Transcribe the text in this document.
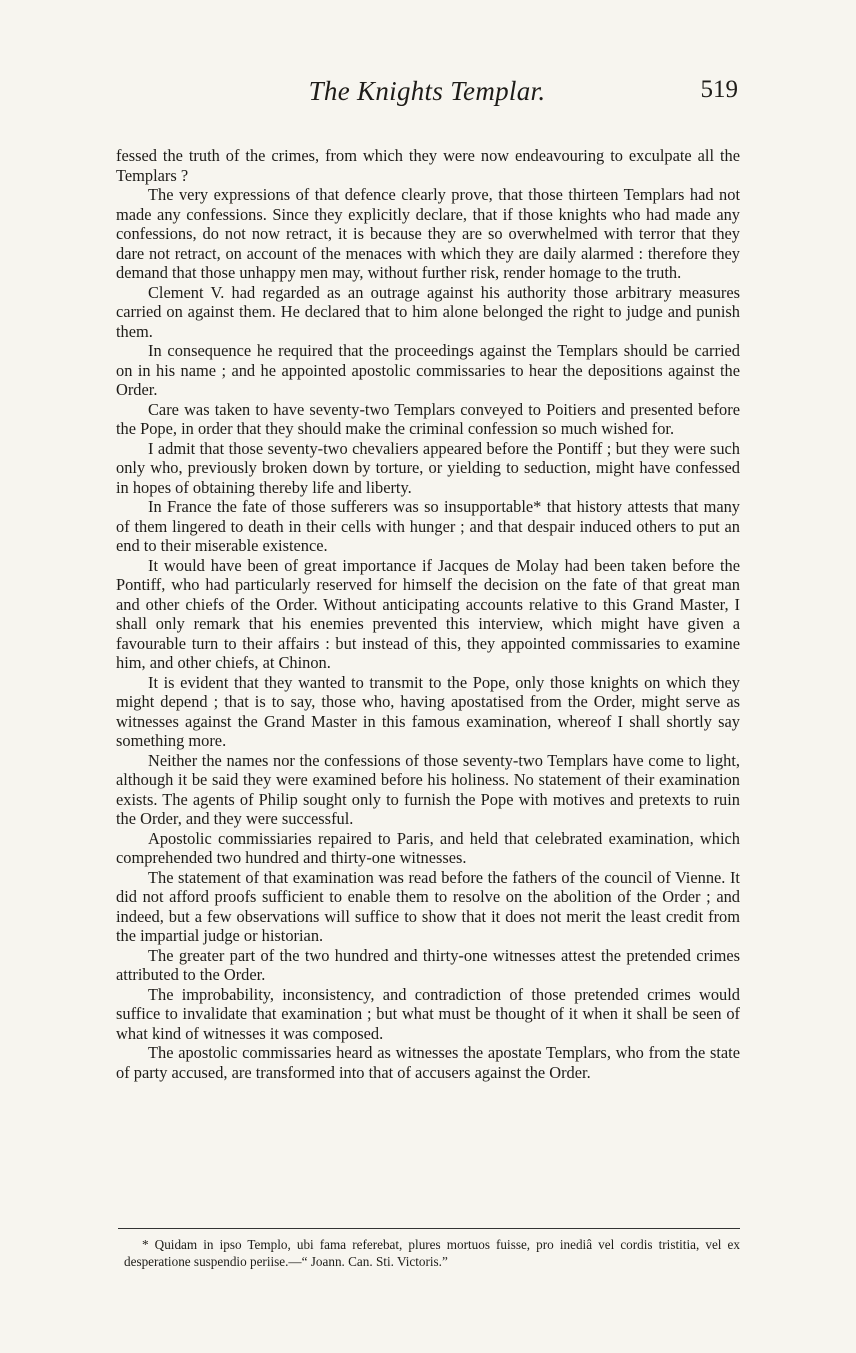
The Knights Templar.	519

fessed the truth of the crimes, from which they were now endeavouring to exculpate all the Templars ?

The very expressions of that defence clearly prove, that those thirteen Templars had not made any confessions. Since they explicitly declare, that if those knights who had made any confessions, do not now retract, it is because they are so overwhelmed with terror that they dare not retract, on account of the menaces with which they are daily alarmed : therefore they demand that those unhappy men may, without further risk, render homage to the truth.

Clement V. had regarded as an outrage against his authority those arbitrary measures carried on against them. He declared that to him alone belonged the right to judge and punish them.

In consequence he required that the proceedings against the Templars should be carried on in his name ; and he appointed apostolic commissaries to hear the depositions against the Order.

Care was taken to have seventy-two Templars conveyed to Poitiers and presented before the Pope, in order that they should make the criminal confession so much wished for.

I admit that those seventy-two chevaliers appeared before the Pontiff ; but they were such only who, previously broken down by torture, or yielding to seduction, might have confessed in hopes of obtaining thereby life and liberty.

In France the fate of those sufferers was so insupportable* that history attests that many of them lingered to death in their cells with hunger ; and that despair induced others to put an end to their miserable existence.

It would have been of great importance if Jacques de Molay had been taken before the Pontiff, who had particularly reserved for himself the decision on the fate of that great man and other chiefs of the Order. Without anticipating accounts relative to this Grand Master, I shall only remark that his enemies prevented this interview, which might have given a favourable turn to their affairs : but instead of this, they appointed commissaries to examine him, and other chiefs, at Chinon.

It is evident that they wanted to transmit to the Pope, only those knights on which they might depend ; that is to say, those who, having apostatised from the Order, might serve as witnesses against the Grand Master in this famous examination, whereof I shall shortly say something more.

Neither the names nor the confessions of those seventy-two Templars have come to light, although it be said they were examined before his holiness. No statement of their examination exists. The agents of Philip sought only to furnish the Pope with motives and pretexts to ruin the Order, and they were successful.

Apostolic commissiaries repaired to Paris, and held that celebrated examination, which comprehended two hundred and thirty-one witnesses.

The statement of that examination was read before the fathers of the council of Vienne. It did not afford proofs sufficient to enable them to resolve on the abolition of the Order ; and indeed, but a few observations will suffice to show that it does not merit the least credit from the impartial judge or historian.

The greater part of the two hundred and thirty-one witnesses attest the pretended crimes attributed to the Order.

The improbability, inconsistency, and contradiction of those pretended crimes would suffice to invalidate that examination ; but what must be thought of it when it shall be seen of what kind of witnesses it was composed.

The apostolic commissaries heard as witnesses the apostate Templars, who from the state of party accused, are transformed into that of accusers against the Order.

* Quidam in ipso Templo, ubi fama referebat, plures mortuos fuisse, pro inediâ vel cordis tristitia, vel ex desperatione suspendio periise.—“ Joann. Can. Sti. Victoris.”
